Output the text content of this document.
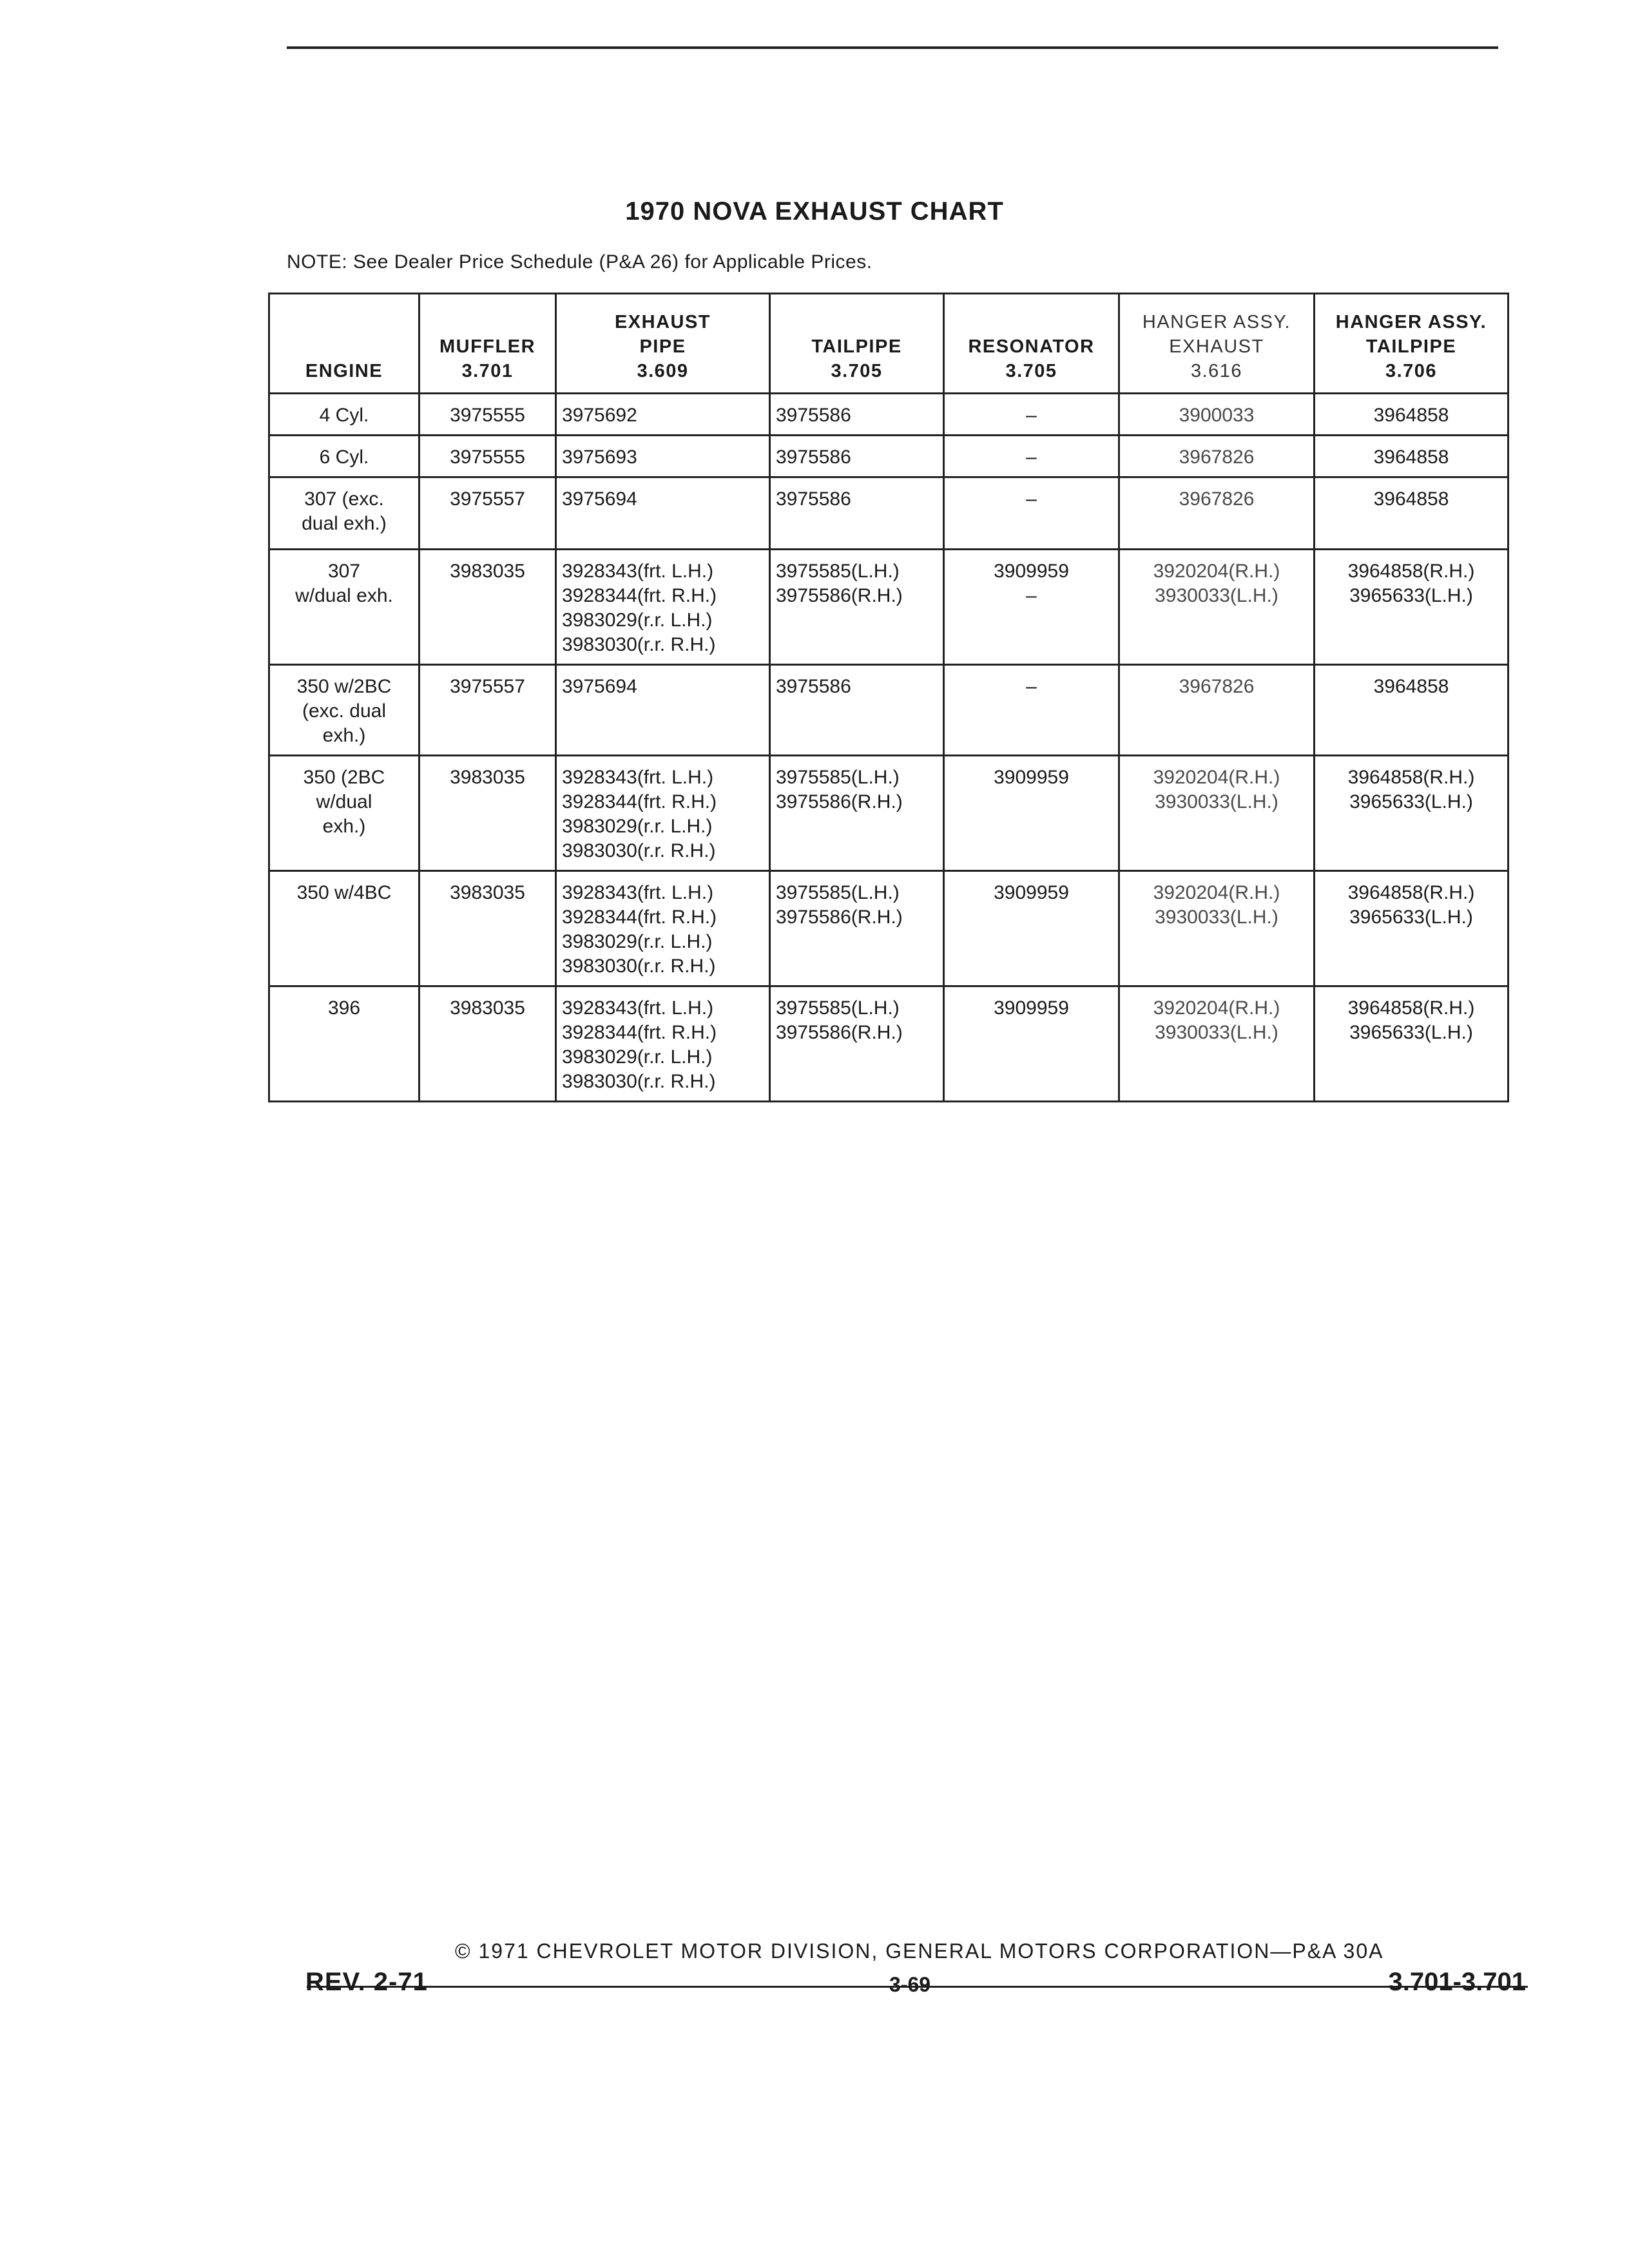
1970 NOVA EXHAUST CHART
NOTE: See Dealer Price Schedule (P&A 26) for Applicable Prices.
ENGINE	MUFFLER
3.701	EXHAUST
PIPE
3.609	TAILPIPE
3.705	RESONATOR
3.705	HANGER ASSY.
EXHAUST
3.616	HANGER ASSY.
TAILPIPE
3.706

4 Cyl.	3975555	3975692	3975586	–	3900033	3964858

6 Cyl.	3975555	3975693	3975586	–	3967826	3964858

307 (exc.
dual exh.)	3975557	3975694	3975586	–	3967826	3964858

307
w/dual exh.	3983035	3928343(frt. L.H.)
3928344(frt. R.H.)
3983029(r.r. L.H.)
3983030(r.r. R.H.)	3975585(L.H.)
3975586(R.H.)	3909959
–	3920204(R.H.)
3930033(L.H.)	3964858(R.H.)
3965633(L.H.)

350 w/2BC
(exc. dual
exh.)	3975557	3975694	3975586	–	3967826	3964858

350 (2BC
w/dual
exh.)	3983035	3928343(frt. L.H.)
3928344(frt. R.H.)
3983029(r.r. L.H.)
3983030(r.r. R.H.)	3975585(L.H.)
3975586(R.H.)	3909959	3920204(R.H.)
3930033(L.H.)	3964858(R.H.)
3965633(L.H.)

350 w/4BC	3983035	3928343(frt. L.H.)
3928344(frt. R.H.)
3983029(r.r. L.H.)
3983030(r.r. R.H.)	3975585(L.H.)
3975586(R.H.)	3909959	3920204(R.H.)
3930033(L.H.)	3964858(R.H.)
3965633(L.H.)

396	3983035	3928343(frt. L.H.)
3928344(frt. R.H.)
3983029(r.r. L.H.)
3983030(r.r. R.H.)	3975585(L.H.)
3975586(R.H.)	3909959	3920204(R.H.)
3930033(L.H.)	3964858(R.H.)
3965633(L.H.)
© 1971 CHEVROLET MOTOR DIVISION, GENERAL MOTORS CORPORATION—P&A 30A
REV. 2-71	3-69	3.701-3.701
